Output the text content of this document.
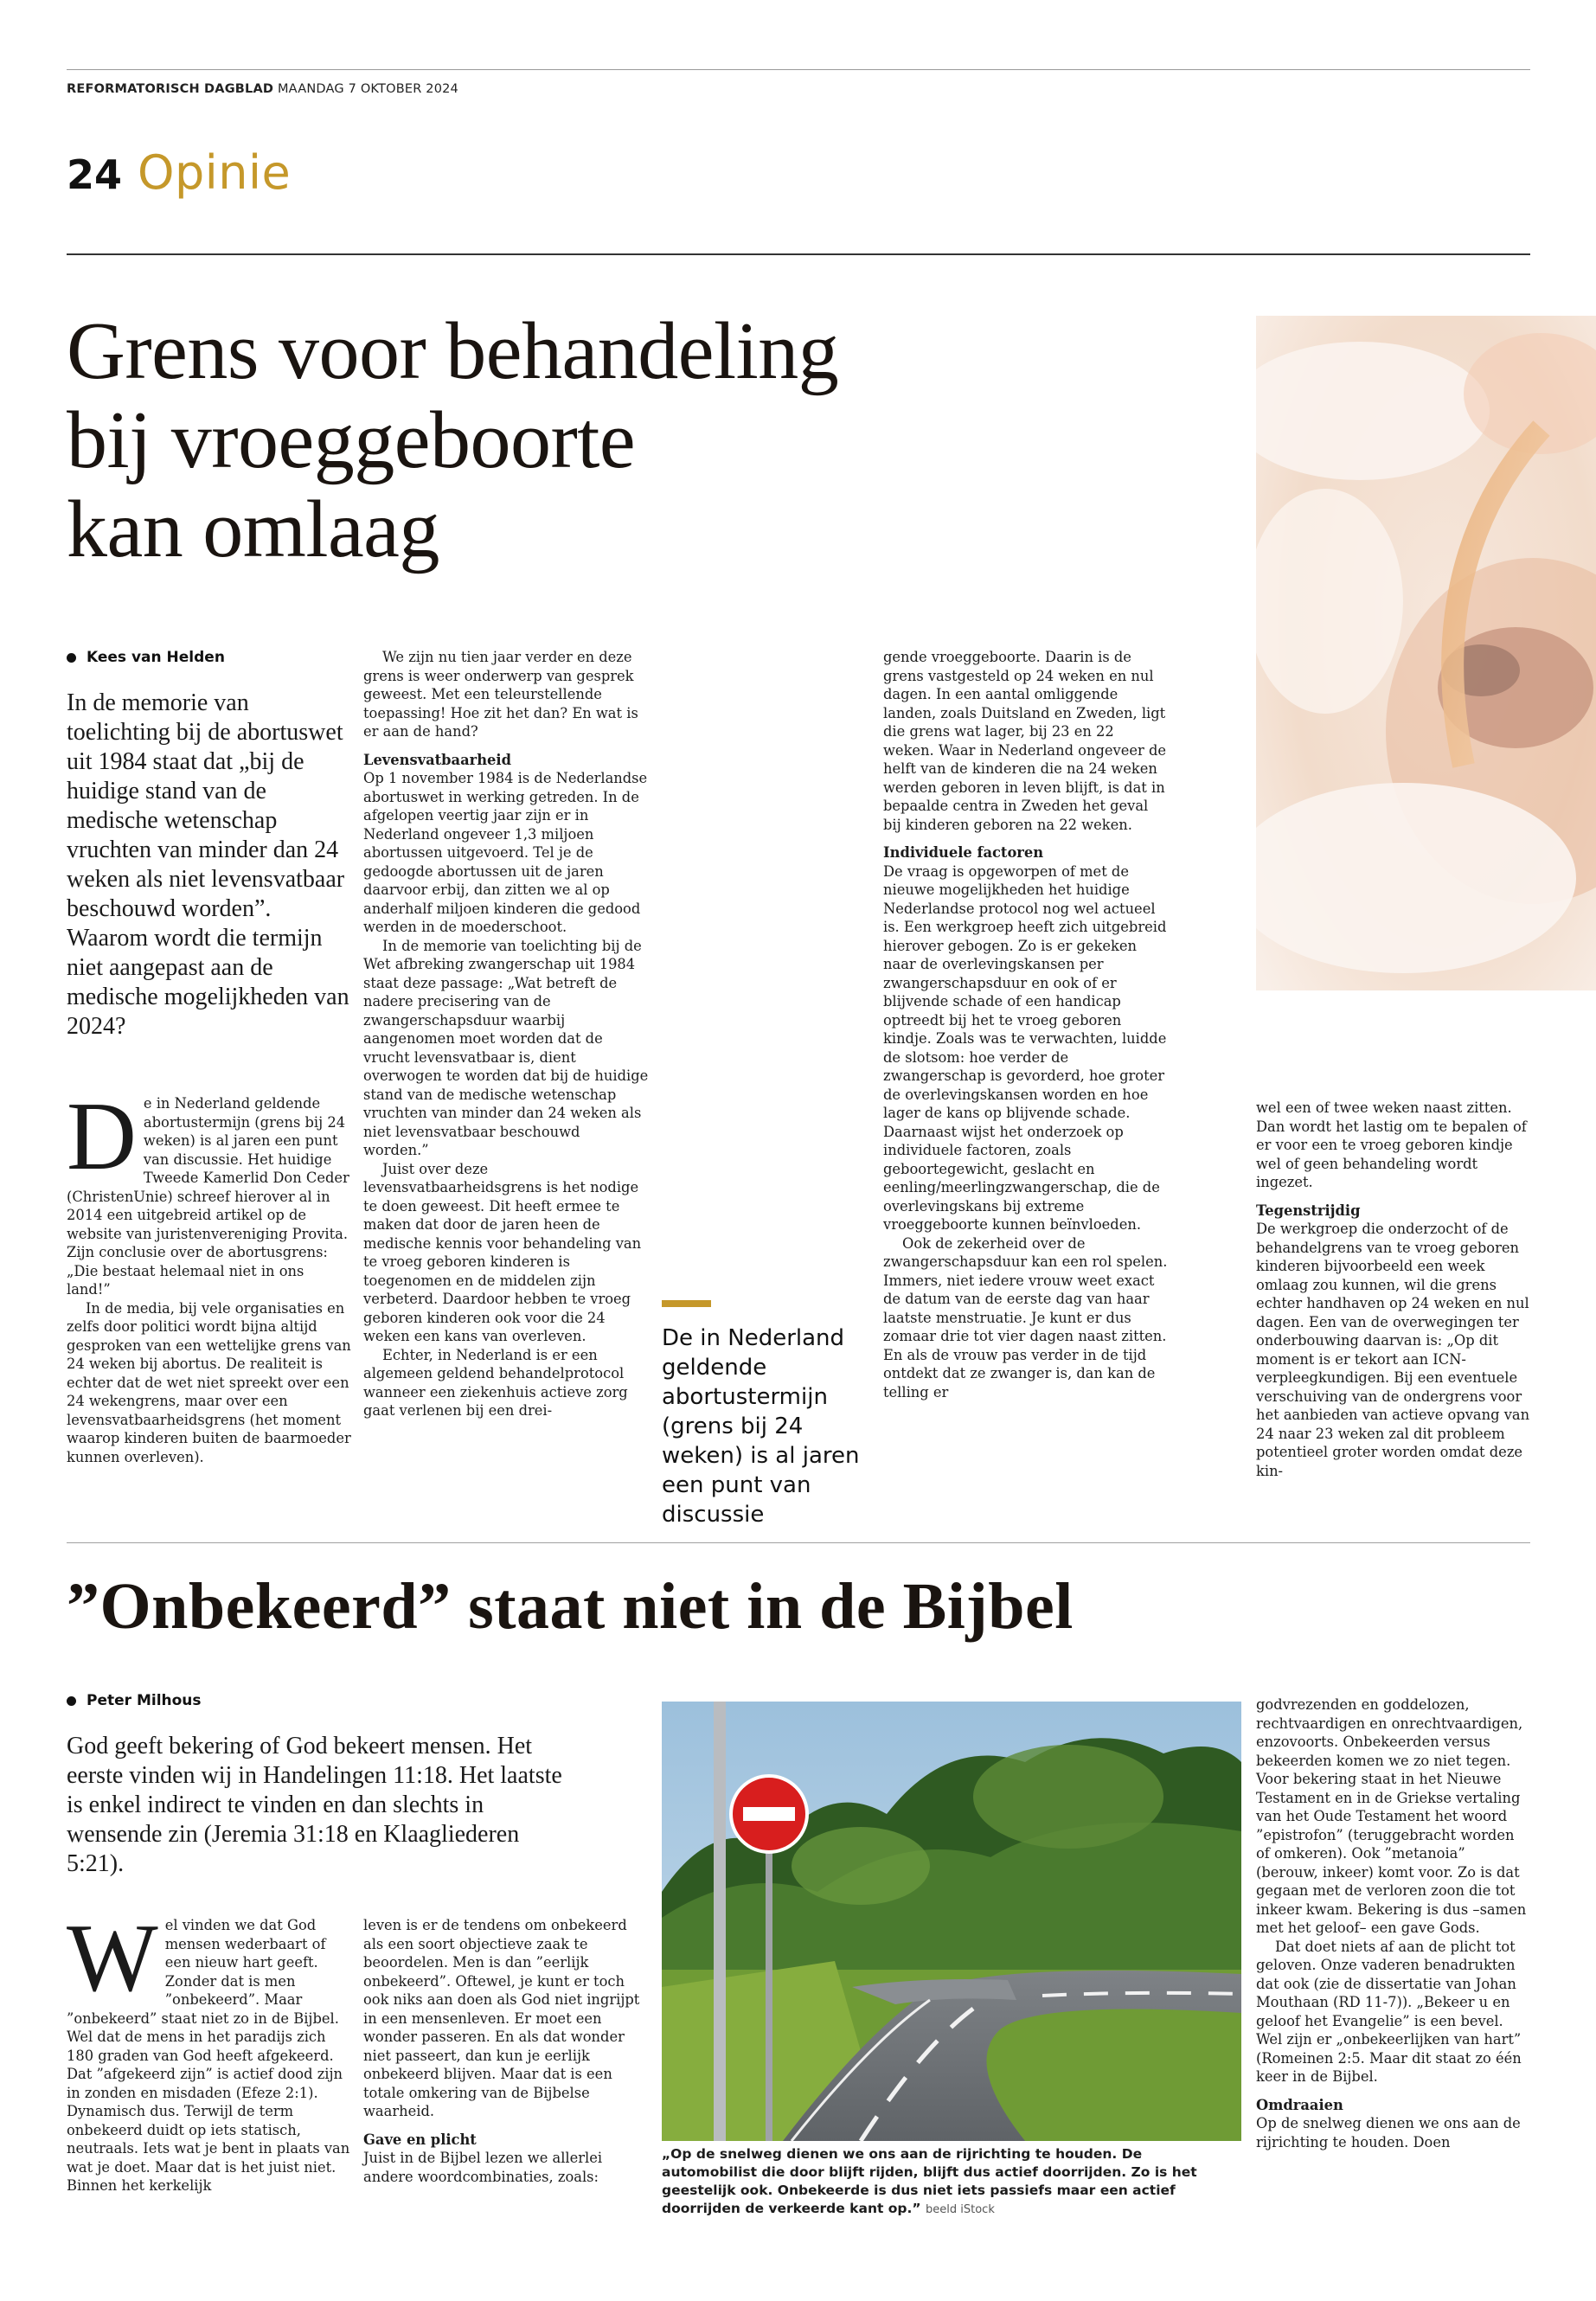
REFORMATORISCH DAGBLAD MAANDAG 7 OKTOBER 2024
24 Opinie
Grens voor behandeling
bij vroeggeboorte
kan omlaag
Kees van Helden
In de memorie van toelichting bij de abortuswet uit 1984 staat dat „bij de huidige stand van de medische wetenschap vruchten van minder dan 24 weken als niet levensvatbaar beschouwd worden”. Waarom wordt die termijn niet aangepast aan de medische mogelijkheden van 2024?
D e in Nederland geldende abortustermijn (grens bij 24 weken) is al jaren een punt van discussie. Het huidige Tweede Kamerlid Don Ceder (ChristenUnie) schreef hierover al in 2014 een uitgebreid artikel op de website van juristenvereniging Provita. Zijn conclusie over de abortusgrens: „Die bestaat helemaal niet in ons land!”

In de media, bij vele organisaties en zelfs door politici wordt bijna altijd gesproken van een wettelijke grens van 24 weken bij abortus. De realiteit is echter dat de wet niet spreekt over een 24 wekengrens, maar over een levensvatbaarheidsgrens (het moment waarop kinderen buiten de baarmoeder kunnen overleven).

We zijn nu tien jaar verder en deze grens is weer onderwerp van gesprek geweest. Met een teleurstellende toepassing! Hoe zit het dan? En wat is er aan de hand?

Levensvatbaarheid

Op 1 november 1984 is de Nederlandse abortuswet in werking getreden. In de afgelopen veertig jaar zijn er in Nederland ongeveer 1,3 miljoen abortussen uitgevoerd. Tel je de gedoogde abortussen uit de jaren daarvoor erbij, dan zitten we al op anderhalf miljoen kinderen die gedood werden in de moederschoot.

In de memorie van toelichting bij de Wet afbreking zwangerschap uit 1984 staat deze passage: „Wat betreft de nadere precisering van de zwangerschapsduur waarbij aangenomen moet worden dat de vrucht levensvatbaar is, dient overwogen te worden dat bij de huidige stand van de medische wetenschap vruchten van minder dan 24 weken als niet levensvatbaar beschouwd worden.”

Juist over deze levensvatbaarheidsgrens is het nodige te doen geweest. Dit heeft ermee te maken dat door de jaren heen de medische kennis voor behandeling van te vroeg geboren kinderen is toegenomen en de middelen zijn verbeterd. Daardoor hebben te vroeg geboren kinderen ook voor die 24 weken een kans van overleven.

Echter, in Nederland is er een algemeen geldend behandelprotocol wanneer een ziekenhuis actieve zorg gaat verlenen bij een drei-

De in Nederland geldende abortustermijn (grens bij 24 weken) is al jaren een punt van discussie

gende vroeggeboorte. Daarin is de grens vastgesteld op 24 weken en nul dagen. In een aantal omliggende landen, zoals Duitsland en Zweden, ligt die grens wat lager, bij 23 en 22 weken. Waar in Nederland ongeveer de helft van de kinderen die na 24 weken werden geboren in leven blijft, is dat in bepaalde centra in Zweden het geval bij kinderen geboren na 22 weken.

Individuele factoren

De vraag is opgeworpen of met de nieuwe mogelijkheden het huidige Nederlandse protocol nog wel actueel is. Een werkgroep heeft zich uitgebreid hierover gebogen. Zo is er gekeken naar de overlevingskansen per zwangerschapsduur en ook of er blijvende schade of een handicap optreedt bij het te vroeg geboren kindje. Zoals was te verwachten, luidde de slotsom: hoe verder de zwangerschap is gevorderd, hoe groter de overlevingskansen worden en hoe lager de kans op blijvende schade. Daarnaast wijst het onderzoek op individuele factoren, zoals geboortegewicht, geslacht en eenling/meerlingzwangerschap, die de overlevingskans bij extreme vroeggeboorte kunnen beïnvloeden.

Ook de zekerheid over de zwangerschapsduur kan een rol spelen. Immers, niet iedere vrouw weet exact de datum van de eerste dag van haar laatste menstruatie. Je kunt er dus zomaar drie tot vier dagen naast zitten. En als de vrouw pas verder in de tijd ontdekt dat ze zwanger is, dan kan de telling er

wel een of twee weken naast zitten. Dan wordt het lastig om te bepalen of er voor een te vroeg geboren kindje wel of geen behandeling wordt ingezet.

Tegenstrijdig

De werkgroep die onderzocht of de behandelgrens van te vroeg geboren kinderen bijvoorbeeld een week omlaag zou kunnen, wil die grens echter handhaven op 24 weken en nul dagen. Een van de overwegingen ter onderbouwing daarvan is: „Op dit moment is er tekort aan ICN-verpleegkundigen. Bij een eventuele verschuiving van de ondergrens voor het aanbieden van actieve opvang van 24 naar 23 weken zal dit probleem potentieel groter worden omdat deze kin-

”Onbekeerd” staat niet in de Bijbel
Peter Milhous
God geeft bekering of God bekeert mensen. Het eerste vinden wij in Handelingen 11:18. Het laatste is enkel indirect te vinden en dan slechts in wensende zin (Jeremia 31:18 en Klaagliederen 5:21).
W el vinden we dat God mensen wederbaart of een nieuw hart geeft. Zonder dat is men ”onbekeerd”. Maar ”onbekeerd” staat niet zo in de Bijbel. Wel dat de mens in het paradijs zich 180 graden van God heeft afgekeerd. Dat ”afgekeerd zijn” is actief dood zijn in zonden en misdaden (Efeze 2:1). Dynamisch dus. Terwijl de term onbekeerd duidt op iets statisch, neutraals. Iets wat je bent in plaats van wat je doet. Maar dat is het juist niet. Binnen het kerkelijk

leven is er de tendens om onbekeerd als een soort objectieve zaak te beoordelen. Men is dan ”eerlijk onbekeerd”. Oftewel, je kunt er toch ook niks aan doen als God niet ingrijpt in een mensenleven. Er moet een wonder passeren. En als dat wonder niet passeert, dan kun je eerlijk onbekeerd blijven. Maar dat is een totale omkering van de Bijbelse waarheid.

Gave en plicht

Juist in de Bijbel lezen we allerlei andere woordcombinaties, zoals:

„Op de snelweg dienen we ons aan de rijrichting te houden. De automobilist die door blijft rijden, blijft dus actief doorrijden. Zo is het geestelijk ook. Onbekeerde is dus niet iets passiefs maar een actief doorrijden de verkeerde kant op.” beeld iStock

godvrezenden en goddelozen, rechtvaardigen en onrechtvaardigen, enzovoorts. Onbekeerden versus bekeerden komen we zo niet tegen. Voor bekering staat in het Nieuwe Testament en in de Griekse vertaling van het Oude Testament het woord ”epistrofon” (teruggebracht worden of omkeren). Ook ”metanoia” (berouw, inkeer) komt voor. Zo is dat gegaan met de verloren zoon die tot inkeer kwam. Bekering is dus –samen met het geloof– een gave Gods.

Dat doet niets af aan de plicht tot geloven. Onze vaderen benadrukten dat ook (zie de dissertatie van Johan Mouthaan (RD 11-7)). „Bekeer u en geloof het Evangelie” is een bevel. Wel zijn er „onbekeerlijken van hart” (Romeinen 2:5. Maar dit staat zo één keer in de Bijbel.

Omdraaien

Op de snelweg dienen we ons aan de rijrichting te houden. Doen
